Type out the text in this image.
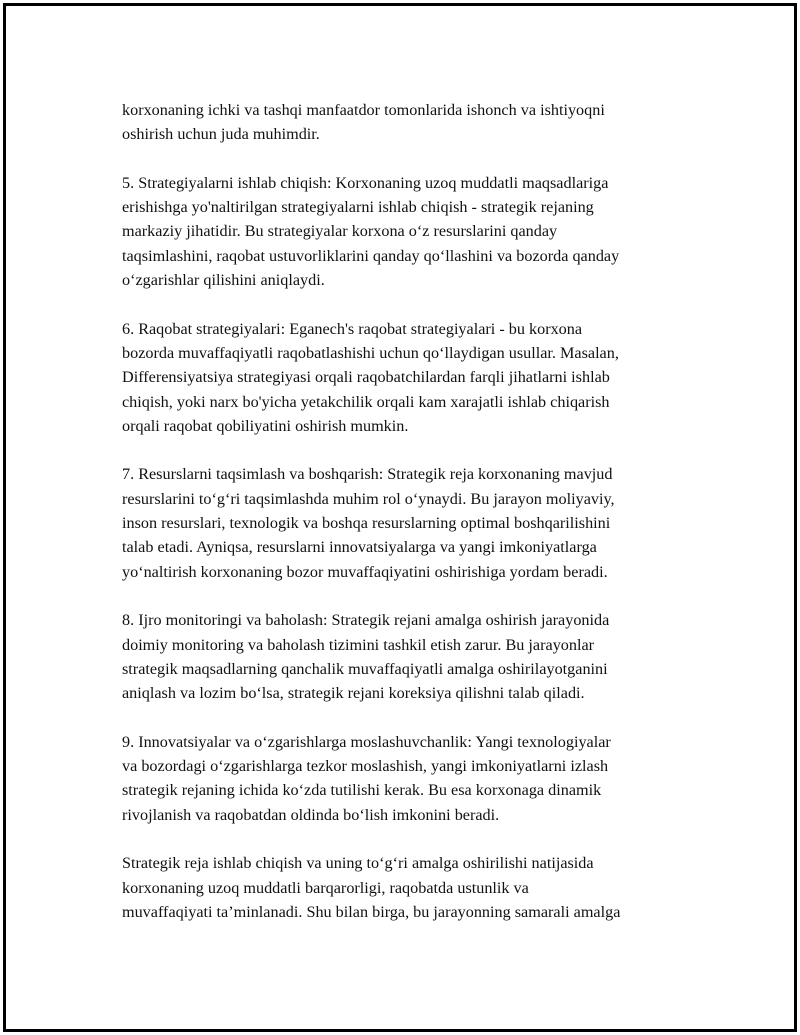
korxonaning ichki va tashqi manfaatdor tomonlarida ishonch va ishtiyoqni
oshirish uchun juda muhimdir.

5. Strategiyalarni ishlab chiqish: Korxonaning uzoq muddatli maqsadlariga
erishishga yo'naltirilgan strategiyalarni ishlab chiqish - strategik rejaning
markaziy jihatidir. Bu strategiyalar korxona o‘z resurslarini qanday
taqsimlashini, raqobat ustuvorliklarini qanday qo‘llashini va bozorda qanday
o‘zgarishlar qilishini aniqlaydi.

6. Raqobat strategiyalari: Eganech's raqobat strategiyalari - bu korxona
bozorda muvaffaqiyatli raqobatlashishi uchun qo‘llaydigan usullar. Masalan,
Differensiyatsiya strategiyasi orqali raqobatchilardan farqli jihatlarni ishlab
chiqish, yoki narx bo'yicha yetakchilik orqali kam xarajatli ishlab chiqarish
orqali raqobat qobiliyatini oshirish mumkin.

7. Resurslarni taqsimlash va boshqarish: Strategik reja korxonaning mavjud
resurslarini to‘g‘ri taqsimlashda muhim rol o‘ynaydi. Bu jarayon moliyaviy,
inson resurslari, texnologik va boshqa resurslarning optimal boshqarilishini
talab etadi. Ayniqsa, resurslarni innovatsiyalarga va yangi imkoniyatlarga
yo‘naltirish korxonaning bozor muvaffaqiyatini oshirishiga yordam beradi.

8. Ijro monitoringi va baholash: Strategik rejani amalga oshirish jarayonida
doimiy monitoring va baholash tizimini tashkil etish zarur. Bu jarayonlar
strategik maqsadlarning qanchalik muvaffaqiyatli amalga oshirilayotganini
aniqlash va lozim bo‘lsa, strategik rejani koreksiya qilishni talab qiladi.

9. Innovatsiyalar va o‘zgarishlarga moslashuvchanlik: Yangi texnologiyalar
va bozordagi o‘zgarishlarga tezkor moslashish, yangi imkoniyatlarni izlash
strategik rejaning ichida ko‘zda tutilishi kerak. Bu esa korxonaga dinamik
rivojlanish va raqobatdan oldinda bo‘lish imkonini beradi.

Strategik reja ishlab chiqish va uning to‘g‘ri amalga oshirilishi natijasida
korxonaning uzoq muddatli barqarorligi, raqobatda ustunlik va
muvaffaqiyati ta’minlanadi. Shu bilan birga, bu jarayonning samarali amalga
